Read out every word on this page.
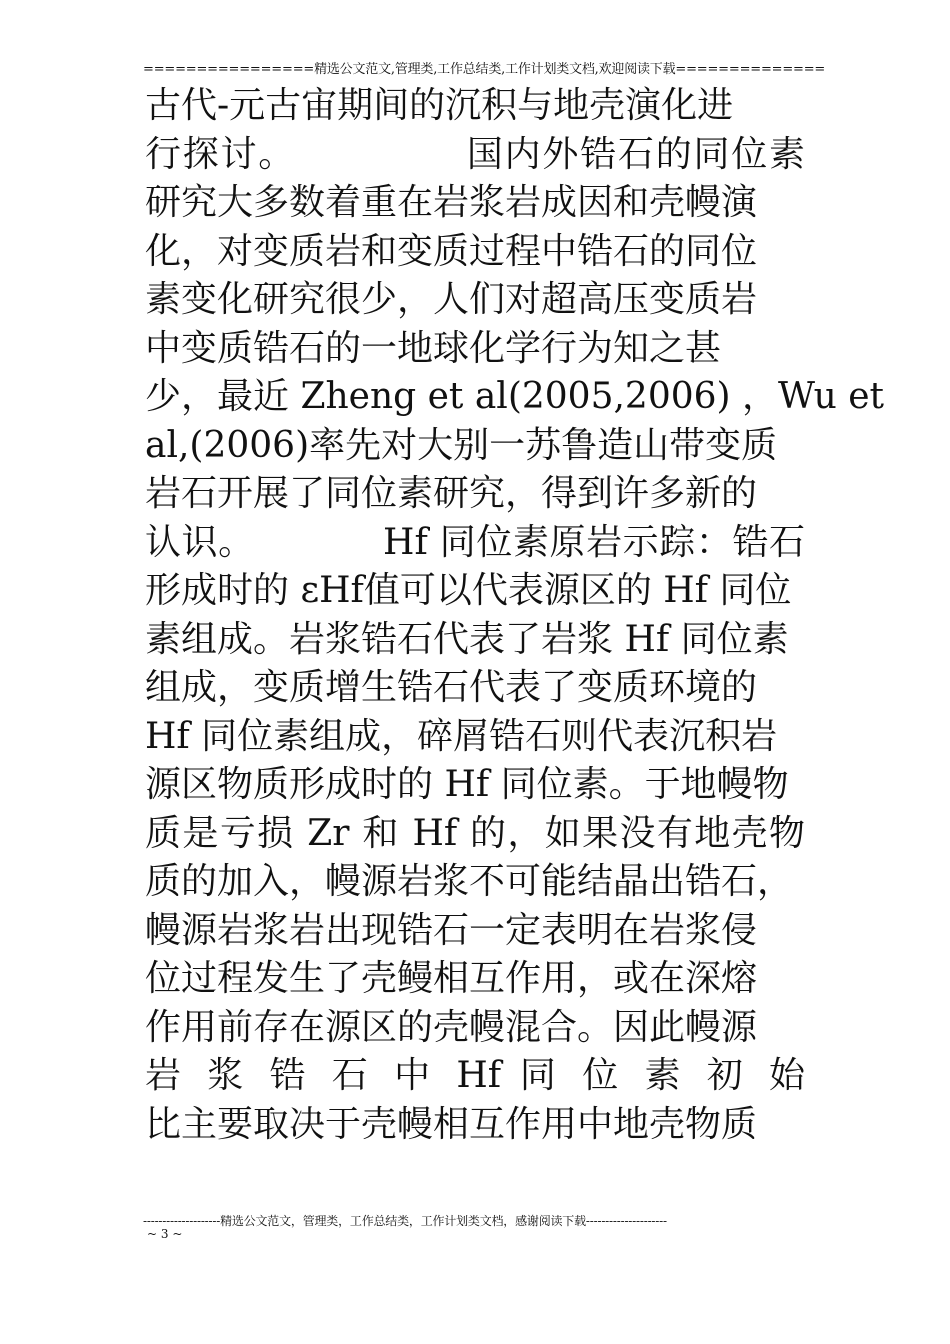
================精选公文范文,管理类,工作总结类,工作计划类文档,欢迎阅读下载==============
古代-元古宙期间的沉积与地壳演化进
行探讨。　　　　　国内外锆石的同位素
研究大多数着重在岩浆岩成因和壳幔演
化，对变质岩和变质过程中锆石的同位
素变化研究很少，人们对超高压变质岩
中变质锆石的一地球化学行为知之甚
少，最近 Zheng et al(2005,2006) ，Wu et
al,(2006)率先对大别一苏鲁造山带变质
岩石开展了同位素研究，得到许多新的
认识。　　　　Hf 同位素原岩示踪：锆石
形成时的 εHf值可以代表源区的 Hf 同位
素组成。岩浆锆石代表了岩浆 Hf 同位素
组成，变质增生锆石代表了变质环境的
Hf 同位素组成，碎屑锆石则代表沉积岩
源区物质形成时的 Hf 同位素。于地幔物
质是亏损 Zr 和 Hf 的，如果没有地壳物
质的加入，幔源岩浆不可能结晶出锆石，
幔源岩浆岩出现锆石一定表明在岩浆侵
位过程发生了壳鳗相互作用，或在深熔
作用前存在源区的壳幔混合。因此幔源
岩 浆 锆 石 中 Hf 同 位 素 初 始
比主要取决于壳幔相互作用中地壳物质
--------------------精选公文范文，管理类，工作总结类，工作计划类文档，感谢阅读下载---------------------
~ 3 ~
